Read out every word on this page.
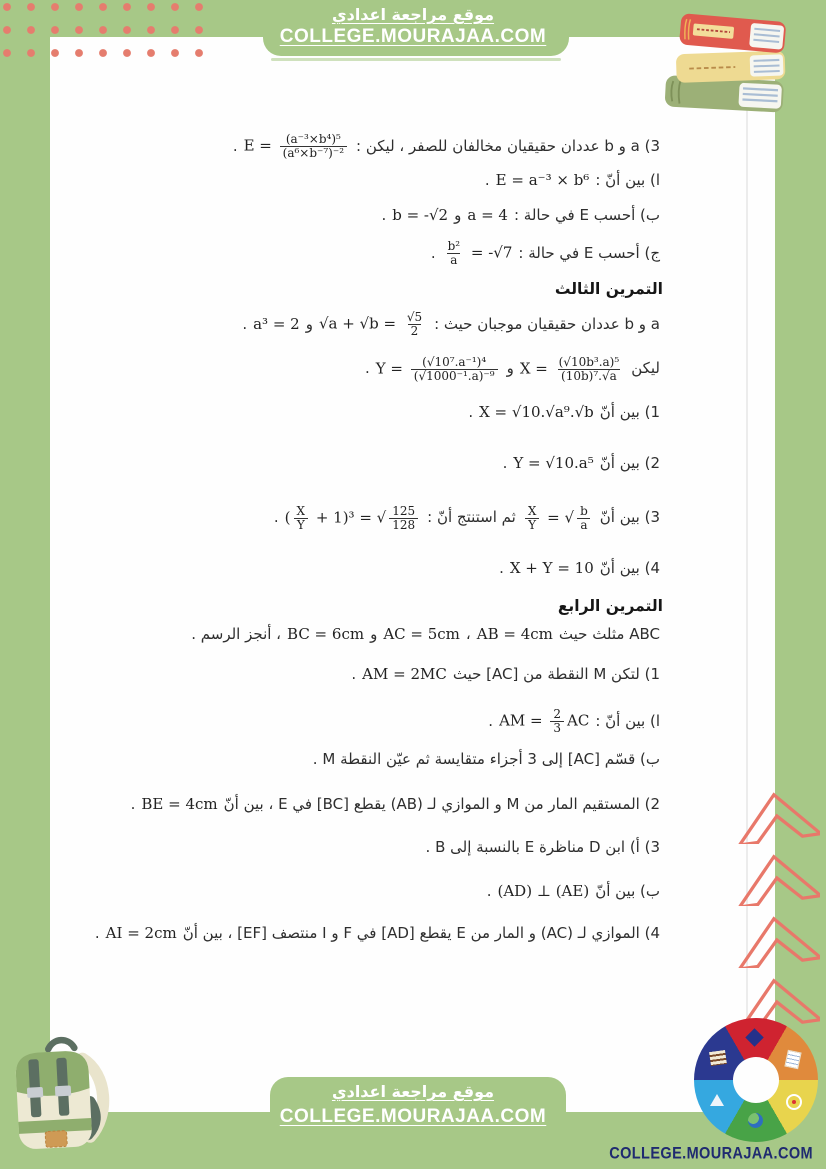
موقع مراجعة اعدادي
COLLEGE.MOURAJAA.COM

3) a و b عددان حقيقيان مخالفان للصفر ، ليكن :E = $\frac{\text{(a⁻³×b⁴)⁵}}{\text{(a⁶×b⁻⁷)⁻²}}$
.

ا) بين أنّ :E = a⁻³ × b⁶.

ب) أحسب E في حالة :a = 4وb = -√2.

ج) أحسب E في حالة :
$\frac{\text{b²}}{a} = -√7$.

التمرين الثالث

a و b عددان حقيقيان موجبان حيث :√a + $√b = \frac{√5}{2}$
وa³ = 2.

ليكنX = $\frac{\text{(√10b³.a)⁵}}{\text{(10b)⁷.√a}}$
وY = $\frac{\text{(√10⁷.a⁻¹)⁴}}{\text{(√1000⁻¹.a)⁻⁹}}$
.

1) بين أنّX = √10.√a⁹.√b.

2) بين أنّY = √10.a⁵.

3) بين أنّ
$\frac{X}{Y}$ = √ $\frac{b}{a}$
ثم استنتج أنّ :( $\frac{X}{Y} + 1)^3$ = √ $\frac{125}{128}$
.

4) بين أنّX + Y = 10.

التمرين الرابع

ABC مثلث حيثAB = 4cm،AC = 5cmوBC = 6cm، أنجز الرسم .

1) لتكن M النقطة من [AC] حيثAM = 2MC.

ا) بين أنّ :AM = $\frac{2}{3}$ AC.

ب) قسّم [AC] إلى 3 أجزاء متقايسة ثم عيّن النقطة M .

2) المستقيم المار من M و الموازي لـ (AB) يقطع [BC] في E ، بين أنّBE = 4cm.

3) أ) ابن D مناظرة E بالنسبة إلى B .

ب) بين أنّ(AD) ⊥ (AE).

4) الموازي لـ (AC) و المار من E يقطع [AD] في F و I منتصف [EF] ، بين أنّAI = 2cm.

موقع مراجعة اعدادي
COLLEGE.MOURAJAA.COM
COLLEGE.MOURAJAA.COM
